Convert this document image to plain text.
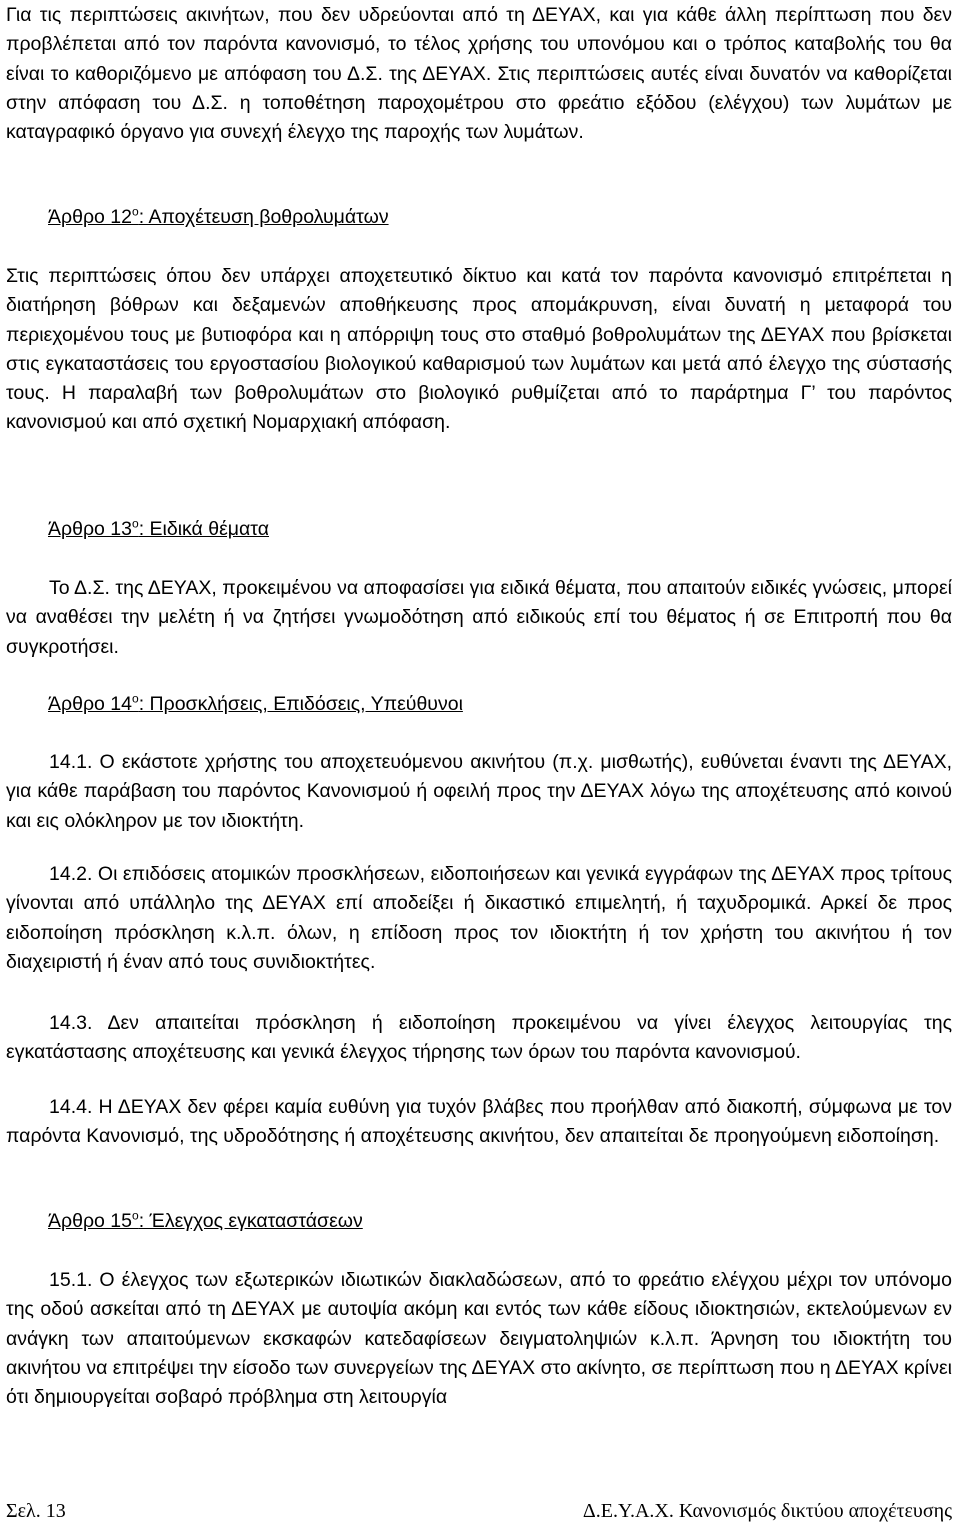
Για τις περιπτώσεις ακινήτων, που δεν υδρεύονται από τη ΔΕΥΑΧ, και για κάθε άλλη περίπτωση που δεν προβλέπεται από τον παρόντα κανονισμό, το τέλος χρήσης του υπονόμου και ο τρόπος καταβολής του θα είναι το καθοριζόμενο με απόφαση του Δ.Σ. της ΔΕΥΑΧ. Στις περιπτώσεις αυτές είναι δυνατόν να καθορίζεται στην απόφαση του Δ.Σ. η τοποθέτηση παροχομέτρου στο φρεάτιο εξόδου (ελέγχου) των λυμάτων με καταγραφικό όργανο για συνεχή έλεγχο της παροχής των λυμάτων.

Άρθρο $12^o$: Αποχέτευση βοθρολυμάτων

Στις περιπτώσεις όπου δεν υπάρχει αποχετευτικό δίκτυο και κατά τον παρόντα κανονισμό επιτρέπεται η διατήρηση βόθρων και δεξαμενών αποθήκευσης προς απομάκρυνση, είναι δυνατή η μεταφορά του περιεχομένου τους με βυτιοφόρα και η απόρριψη τους στο σταθμό βοθρολυμάτων της ΔΕΥΑΧ που βρίσκεται στις εγκαταστάσεις του εργοστασίου βιολογικού καθαρισμού των λυμάτων και μετά από έλεγχο της σύστασής τους. Η παραλαβή των βοθρολυμάτων στο βιολογικό ρυθμίζεται από το παράρτημα Γ’ του παρόντος κανονισμού και από σχετική Νομαρχιακή απόφαση.

Άρθρο $13^o$: Ειδικά θέματα

Το Δ.Σ. της ΔΕΥΑΧ, προκειμένου να αποφασίσει για ειδικά θέματα, που απαιτούν ειδικές γνώσεις, μπορεί να αναθέσει την μελέτη ή να ζητήσει γνωμοδότηση από ειδικούς επί του θέματος ή σε Επιτροπή που θα συγκροτήσει.

Άρθρο $14^o$: Προσκλήσεις, Επιδόσεις, Υπεύθυνοι

14.1. Ο εκάστοτε χρήστης του αποχετευόμενου ακινήτου (π.χ. μισθωτής), ευθύνεται έναντι της ΔΕΥΑΧ, για κάθε παράβαση του παρόντος Κανονισμού ή οφειλή προς την ΔΕΥΑΧ λόγω της αποχέτευσης από κοινού και εις ολόκληρον με τον ιδιοκτήτη.

14.2. Οι επιδόσεις ατομικών προσκλήσεων, ειδοποιήσεων και γενικά εγγράφων της ΔΕΥΑΧ προς τρίτους γίνονται από υπάλληλο της ΔΕΥΑΧ επί αποδείξει ή δικαστικό επιμελητή, ή ταχυδρομικά. Αρκεί δε προς ειδοποίηση πρόσκληση κ.λ.π. όλων, η επίδοση προς τον ιδιοκτήτη ή τον χρήστη του ακινήτου ή τον διαχειριστή ή έναν από τους συνιδιοκτήτες.

14.3. Δεν απαιτείται πρόσκληση ή ειδοποίηση προκειμένου να γίνει έλεγχος λειτουργίας της εγκατάστασης αποχέτευσης και γενικά έλεγχος τήρησης των όρων του παρόντα κανονισμού.

14.4. Η ΔΕΥΑΧ δεν φέρει καμία ευθύνη για τυχόν βλάβες που προήλθαν από διακοπή, σύμφωνα με τον παρόντα Κανονισμό, της υδροδότησης ή αποχέτευσης ακινήτου, δεν απαιτείται δε προηγούμενη ειδοποίηση.

Άρθρο $15^o$: Έλεγχος εγκαταστάσεων

15.1. Ο έλεγχος των εξωτερικών ιδιωτικών διακλαδώσεων, από το φρεάτιο ελέγχου μέχρι τον υπόνομο της οδού ασκείται από τη ΔΕΥΑΧ με αυτοψία ακόμη και εντός των κάθε είδους ιδιοκτησιών, εκτελούμενων εν ανάγκη των απαιτούμενων εκσκαφών κατεδαφίσεων δειγματοληψιών κ.λ.π. Άρνηση του ιδιοκτήτη του ακινήτου να επιτρέψει την είσοδο των συνεργείων της ΔΕΥΑΧ στο ακίνητο, σε περίπτωση που η ΔΕΥΑΧ κρίνει ότι δημιουργείται σοβαρό πρόβλημα στη λειτουργία

Σελ. 13	Δ.Ε.Υ.Α.Χ. Κανονισμός δικτύου αποχέτευσης
